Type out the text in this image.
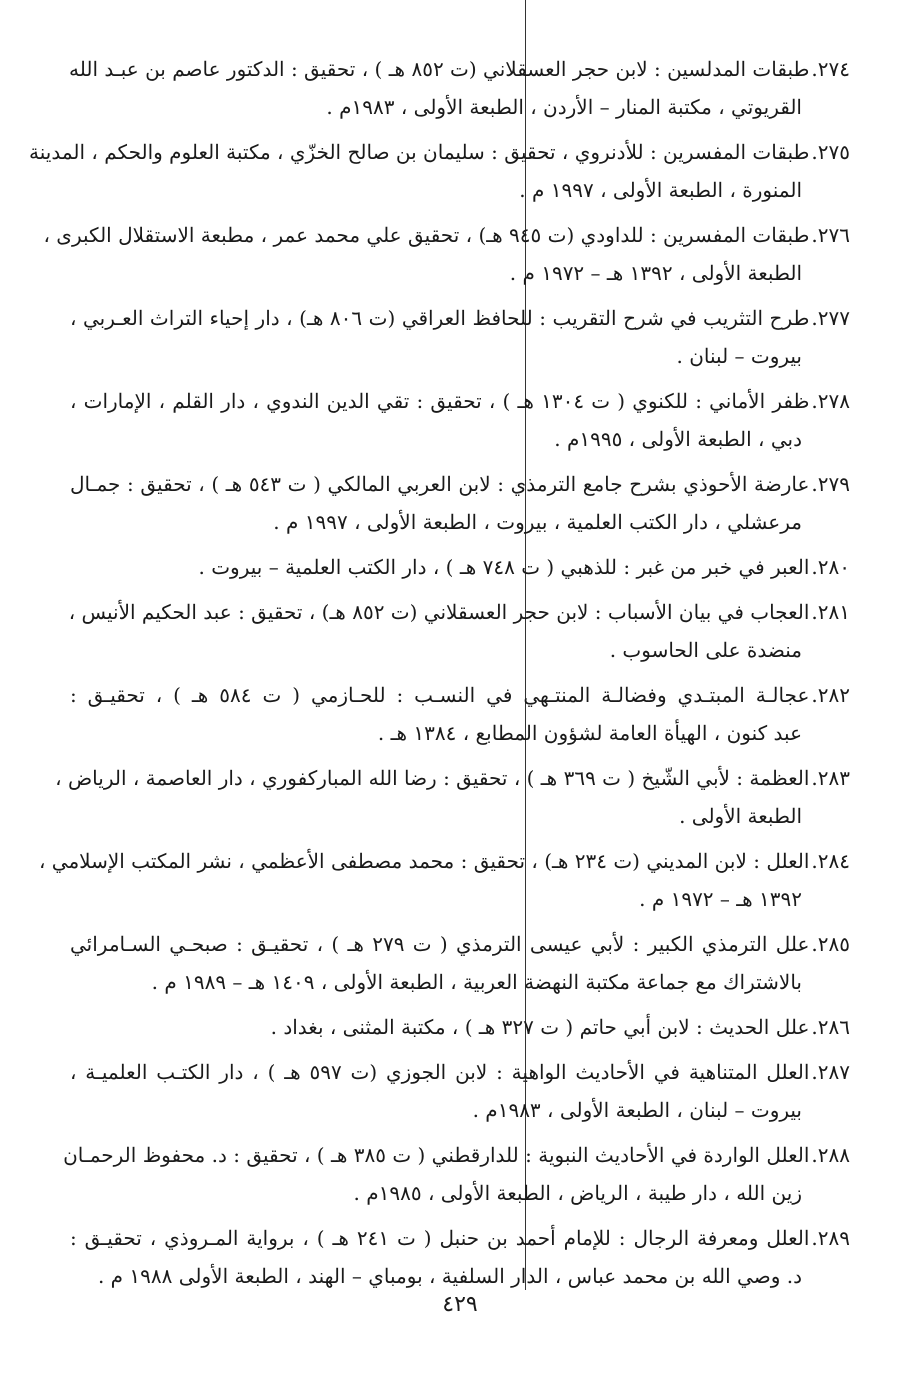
٢٧٤.طبقات المدلسين : لابن حجر العسقلاني (ت ٨٥٢ هـ ) ، تحقيق : الدكتور عاصم بن عبـد الله
القريوتي ، مكتبة المنار – الأردن ، الطبعة الأولى ، ١٩٨٣م .
٢٧٥.طبقات المفسرين : للأدنروي ، تحقيق : سليمان بن صالح الخزّي ، مكتبة العلوم والحكم ، المدينة
المنورة ، الطبعة الأولى ، ١٩٩٧ م .
٢٧٦.طبقات المفسرين : للداودي (ت ٩٤٥ هـ) ، تحقيق علي محمد عمر ، مطبعة الاستقلال الكبرى ،
الطبعة الأولى ، ١٣٩٢ هـ – ١٩٧٢ م .
٢٧٧.طرح التثريب في شرح التقريب : للحافظ العراقي (ت ٨٠٦ هـ) ، دار إحياء التراث العـربي ،
بيروت – لبنان .
٢٧٨.ظفر الأماني : للكنوي ( ت ١٣٠٤ هـ ) ، تحقيق : تقي الدين الندوي ، دار القلم ، الإمارات ،
دبي ، الطبعة الأولى ، ١٩٩٥م .
٢٧٩.عارضة الأحوذي بشرح جامع الترمذي : لابن العربي المالكي ( ت ٥٤٣ هـ ) ، تحقيق : جمـال
مرعشلي ، دار الكتب العلمية ، بيروت ، الطبعة الأولى ، ١٩٩٧ م .
٢٨٠.العبر في خبر من غبر : للذهبي ( ت ٧٤٨ هـ ) ، دار الكتب العلمية – بيروت .
٢٨١.العجاب في بيان الأسباب : لابن حجر العسقلاني (ت ٨٥٢ هـ) ، تحقيق : عبد الحكيم الأنيس ،
منضدة على الحاسوب .
٢٨٢.عجالـة المبتـدي وفضالـة المنتـهي في النسـب : للحـازمي ( ت ٥٨٤ هـ ) ، تحقيـق :
عبد كنون ، الهيأة العامة لشؤون المطابع ، ١٣٨٤ هـ .
٢٨٣.العظمة : لأبي الشّيخ ( ت ٣٦٩ هـ ) ، تحقيق : رضا الله المباركفوري ، دار العاصمة ، الرياض ،
الطبعة الأولى .
٢٨٤.العلل : لابن المديني (ت ٢٣٤ هـ) ، تحقيق : محمد مصطفى الأعظمي ، نشر المكتب الإسلامي ،
١٣٩٢ هـ – ١٩٧٢ م .
٢٨٥.علل الترمذي الكبير : لأبي عيسى الترمذي ( ت ٢٧٩ هـ ) ، تحقيـق : صبحـي السـامرائي
بالاشتراك مع جماعة مكتبة النهضة العربية ، الطبعة الأولى ، ١٤٠٩ هـ – ١٩٨٩ م .
٢٨٦.علل الحديث : لابن أبي حاتم ( ت ٣٢٧ هـ ) ، مكتبة المثنى ، بغداد .
٢٨٧.العلل المتناهية في الأحاديث الواهية : لابن الجوزي (ت ٥٩٧ هـ ) ، دار الكتـب العلميـة ،
بيروت – لبنان ، الطبعة الأولى ، ١٩٨٣م .
٢٨٨.العلل الواردة في الأحاديث النبوية : للدارقطني ( ت ٣٨٥ هـ ) ، تحقيق : د. محفوظ الرحمـان
زين الله ، دار طيبة ، الرياض ، الطبعة الأولى ، ١٩٨٥م .
٢٨٩.العلل ومعرفة الرجال : للإمام أحمد بن حنبل ( ت ٢٤١ هـ ) ، برواية المـروذي ، تحقيـق :
د. وصي الله بن محمد عباس ، الدار السلفية ، بومباي – الهند ، الطبعة الأولى ١٩٨٨ م .
٤٢٩
